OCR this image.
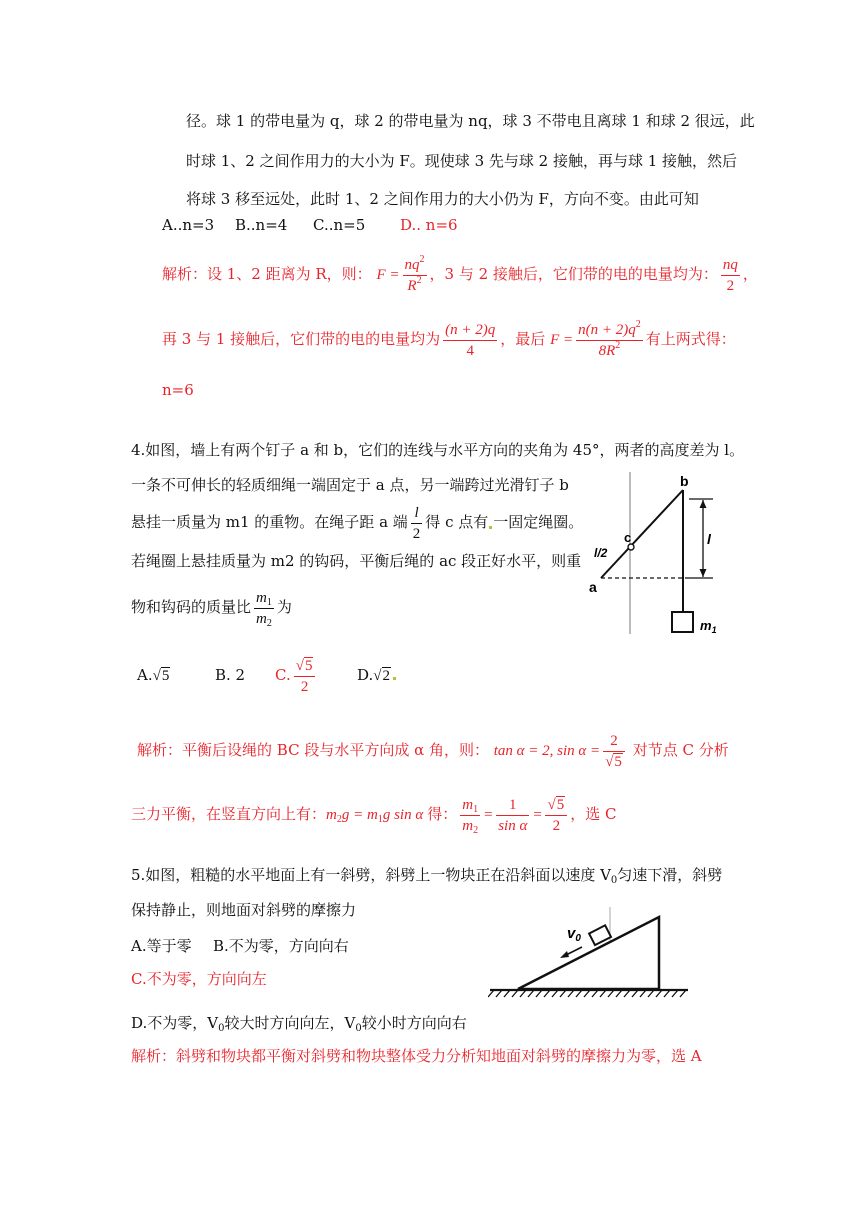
径。球 1 的带电量为 q，球 2 的带电量为 nq，球 3 不带电且离球 1 和球 2 很远，此
时球 1、2 之间作用力的大小为 F。现使球 3 先与球 2 接触，再与球 1 接触，然后
将球 3 移至远处，此时 1、2 之间作用力的大小仍为 F，方向不变。由此可知
A..n=3 B..n=4 C..n=5 D.. n=6
解析：设 1、2 距离为 R，则： $F = \frac{nq^2}{R^2}$ ，3 与 2 接触后，它们带的电的电量均为： $\frac{nq}{2}$ ，
再 3 与 1 接触后，它们带的电的电量均为 $\frac{(n + 2)q}{4}$ ，最后 $F = \frac{n(n + 2)q^2}{8R^2}$ 有上两式得：
n=6
4.如图，墙上有两个钉子 a 和 b，它们的连线与水平方向的夹角为 45°，两者的高度差为 l。
一条不可伸长的轻质细绳一端固定于 a 点，另一端跨过光滑钉子 b
悬挂一质量为 m1 的重物。在绳子距 a 端 $\frac{l}{2}$ 得 c 点有 一固定绳圈。
若绳圈上悬挂质量为 m2 的钩码，平衡后绳的 ac 段正好水平，则重
物和钩码的质量比 $\frac{m_1}{m_2}$ 为
A.√5	B. 2 C. $\frac{√5}{2}$	D.√2
解析：平衡后设绳的 BC 段与水平方向成 α 角，则： tan α = 2, $\sin \alpha = \frac{2}{√5}$ 对节点 C 分析
三力平衡，在竖直方向上有：$m_2g = m_1g$ sin α 得： $\frac{m_1}{m_2} = \frac{1}{\text{sin α}} = \frac{√5}{2}$ ，选 C
b
c
a
l/2
l
$m_1$
5.如图，粗糙的水平地面上有一斜劈，斜劈上一物块正在沿斜面以速度 $V_0$匀速下滑，斜劈
保持静止，则地面对斜劈的摩擦力
A.等于零 B.不为零，方向向右
C.不为零，方向向左
D.不为零，$V_0$较大时方向向左，$V_0$较小时方向向右
解析：斜劈和物块都平衡对斜劈和物块整体受力分析知地面对斜劈的摩擦力为零，选 A
$v_0$
